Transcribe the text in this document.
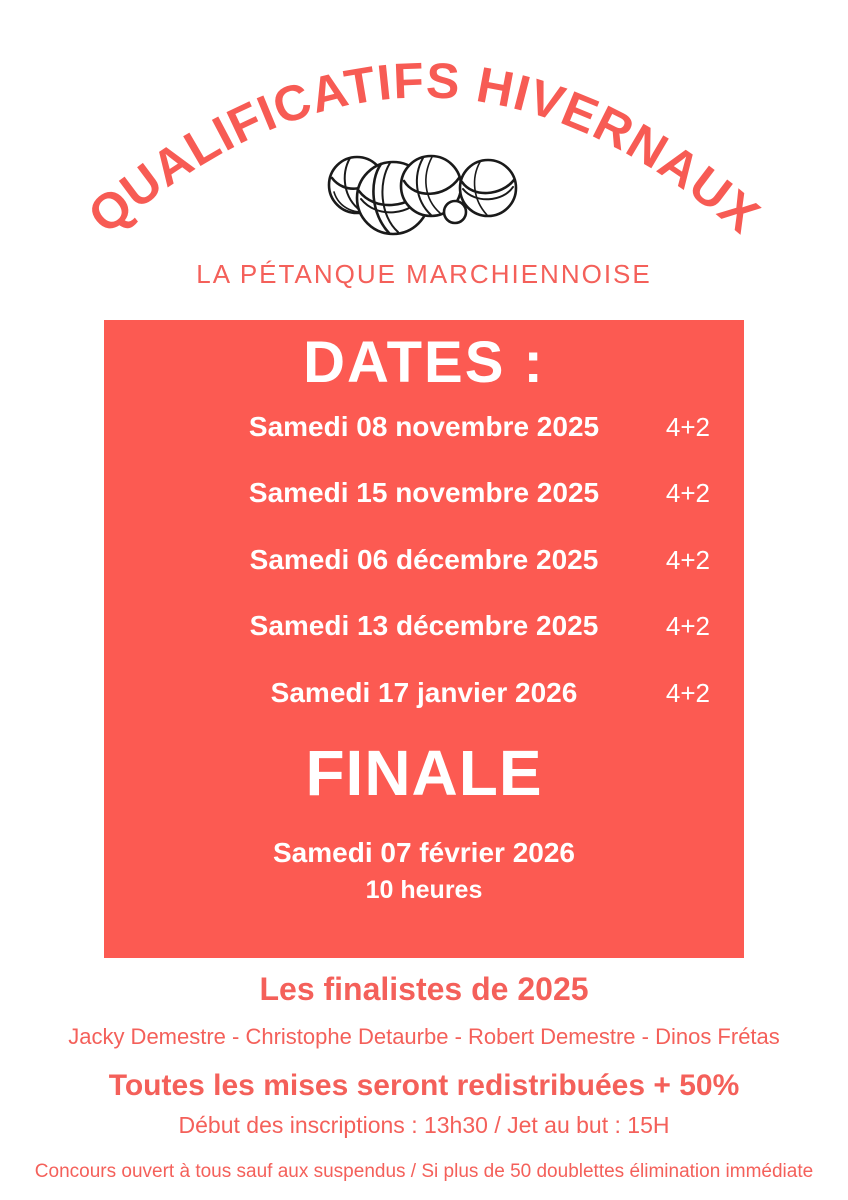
QUALIFICATIFS HIVERNAUX
LA PÉTANQUE MARCHIENNOISE
DATES :
Samedi 08 novembre 2025	4+2
Samedi 15 novembre 2025	4+2
Samedi 06 décembre 2025	4+2
Samedi 13 décembre 2025	4+2
Samedi 17 janvier 2026	4+2
FINALE
Samedi 07 février 2026
10 heures
Les finalistes de 2025
Jacky Demestre - Christophe Detaurbe - Robert Demestre - Dinos Frétas
Toutes les mises seront redistribuées + 50%
Début des inscriptions : 13h30 / Jet au but : 15H
Concours ouvert à tous sauf aux suspendus / Si plus de 50 doublettes élimination immédiate
